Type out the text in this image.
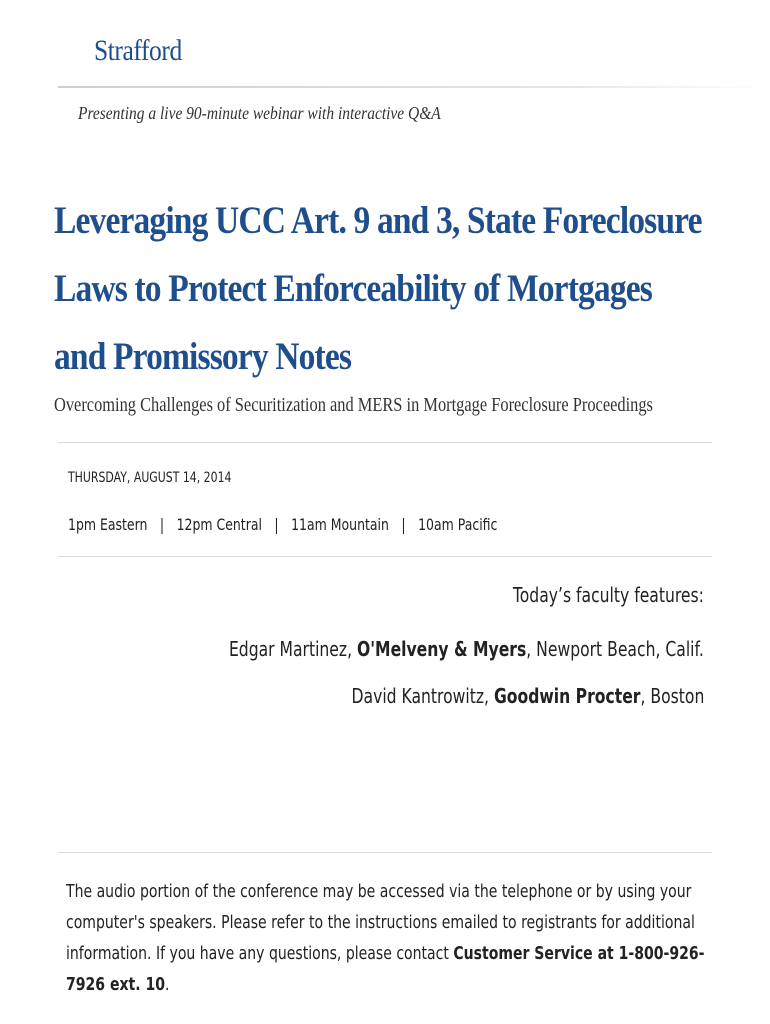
Strafford
Presenting a live 90-minute webinar with interactive Q&A
Leveraging UCC Art. 9 and 3, State Foreclosure
Laws to Protect Enforceability of Mortgages
and Promissory Notes
Overcoming Challenges of Securitization and MERS in Mortgage Foreclosure Proceedings
THURSDAY, AUGUST 14, 2014
1pm Eastern | 12pm Central | 11am Mountain | 10am Pacific
Today’s faculty features:
Edgar Martinez, O'Melveny & Myers, Newport Beach, Calif.
David Kantrowitz, Goodwin Procter, Boston
The audio portion of the conference may be accessed via the telephone or by using your computer's speakers. Please refer to the instructions emailed to registrants for additional information. If you have any questions, please contact Customer Service at 1-800-926-7926 ext. 10.
